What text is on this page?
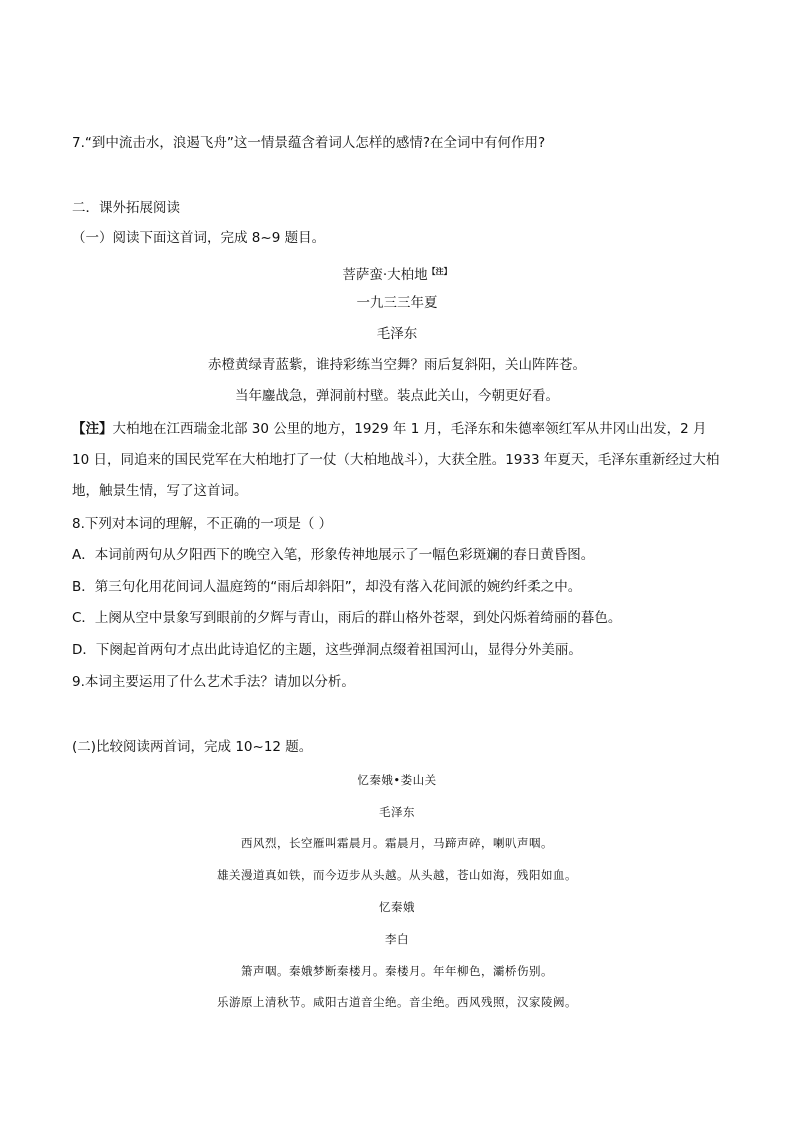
7.“到中流击水，浪遏飞舟”这一情景蕴含着词人怎样的感情?在全词中有何作用?
二．课外拓展阅读
（一）阅读下面这首词，完成 8~9 题目。
菩萨蛮·大柏地$^{【注】}$
一九三三年夏
毛泽东
赤橙黄绿青蓝紫，谁持彩练当空舞？雨后复斜阳，关山阵阵苍。
当年鏖战急，弹洞前村壁。装点此关山，今朝更好看。
【注】大柏地在江西瑞金北部 30 公里的地方，1929 年 1 月，毛泽东和朱德率领红军从井冈山出发，2 月 10 日，同追来的国民党军在大柏地打了一仗（大柏地战斗），大获全胜。1933 年夏天，毛泽东重新经过大柏地，触景生情，写了这首词。
8.下列对本词的理解，不正确的一项是（ ）
A．本词前两句从夕阳西下的晚空入笔，形象传神地展示了一幅色彩斑斓的春日黄昏图。
B．第三句化用花间词人温庭筠的“雨后却斜阳”，却没有落入花间派的婉约纤柔之中。
C．上阕从空中景象写到眼前的夕辉与青山，雨后的群山格外苍翠，到处闪烁着绮丽的暮色。
D．下阕起首两句才点出此诗追忆的主题，这些弹洞点缀着祖国河山，显得分外美丽。
9.本词主要运用了什么艺术手法？请加以分析。
(二)比较阅读两首词，完成 10~12 题。
忆秦娥•娄山关
毛泽东
西风烈，长空雁叫霜晨月。霜晨月，马蹄声碎，喇叭声咽。
雄关漫道真如铁，而今迈步从头越。从头越，苍山如海，残阳如血。
忆秦娥
李白
箫声咽。秦娥梦断秦楼月。秦楼月。年年柳色，灞桥伤别。
乐游原上清秋节。咸阳古道音尘绝。音尘绝。西风残照，汉家陵阙。
